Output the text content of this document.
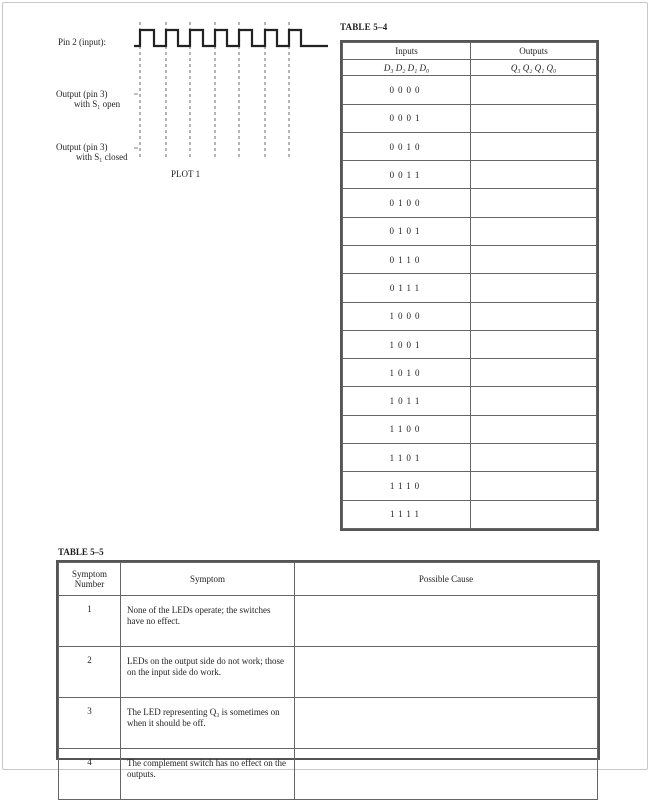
Pin 2 (input):
Output (pin 3)
with S₁ open
Output (pin 3)
with S₁ closed
PLOT 1
TABLE 5–4
Inputs	Outputs
D₃ D₂ D₁ D₀	Q₃ Q₂ Q₁ Q₀
0000	
0001	
0010	
0011	
0100	
0101	
0110	
0111	
1000	
1001	
1010	
1011	
1100	
1101	
1110	
1111	
TABLE 5–5
Symptom Number	Symptom	Possible Cause
1	None of the LEDs operate; the switches have no effect.	
2	LEDs on the output side do not work; those on the input side do work.	
3	The LED representing Q₃ is sometimes on when it should be off.	
4	The complement switch has no effect on the outputs.	
